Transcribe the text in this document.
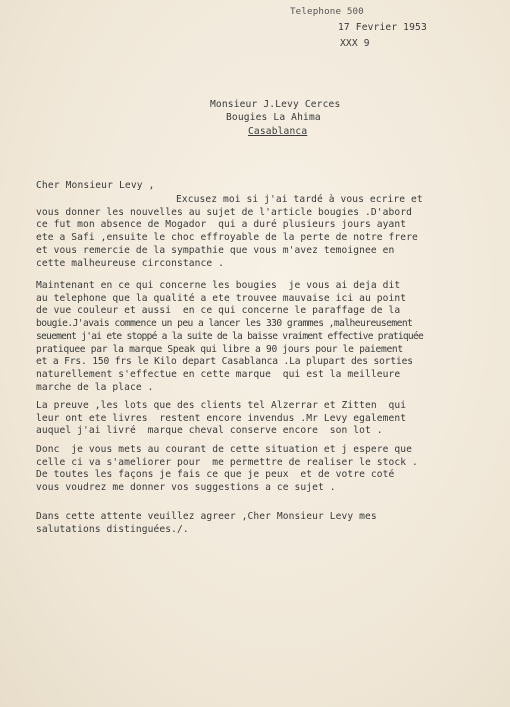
Telephone 500
17 Fevrier 1953
XXX 9
Monsieur J.Levy Cerces
Bougies La Ahima
Casablanca
Cher Monsieur Levy ,
Excusez moi si j'ai tardé à vous ecrire et
vous donner les nouvelles au sujet de l'article bougies .D'abord
ce fut mon absence de Mogador  qui a duré plusieurs jours ayant
ete a Safi ,ensuite le choc effroyable de la perte de notre frere
et vous remercie de la sympathie que vous m'avez temoignee en
cette malheureuse circonstance .
Maintenant en ce qui concerne les bougies  je vous ai deja dit
au telephone que la qualité a ete trouvee mauvaise ici au point
de vue couleur et aussi  en ce qui concerne le paraffage de la
bougie.J'avais commence un peu a lancer les 330 grammes ,malheureusement
seuement j'ai ete stoppé a la suite de la baisse vraiment effective pratiquée
pratiquee par la marque Speak qui libre a 90 jours pour le paiement
et a Frs. 150 frs le Kilo depart Casablanca .La plupart des sorties
naturellement s'effectue en cette marque  qui est la meilleure
marche de la place .
La preuve ,les lots que des clients tel Alzerrar et Zitten  qui
leur ont ete livres  restent encore invendus .Mr Levy egalement
auquel j'ai livré  marque cheval conserve encore  son lot .
Donc  je vous mets au courant de cette situation et j espere que
celle ci va s'ameliorer pour  me permettre de realiser le stock .
De toutes les façons je fais ce que je peux  et de votre coté
vous voudrez me donner vos suggestions a ce sujet .
Dans cette attente veuillez agreer ,Cher Monsieur Levy mes
salutations distinguées./.
